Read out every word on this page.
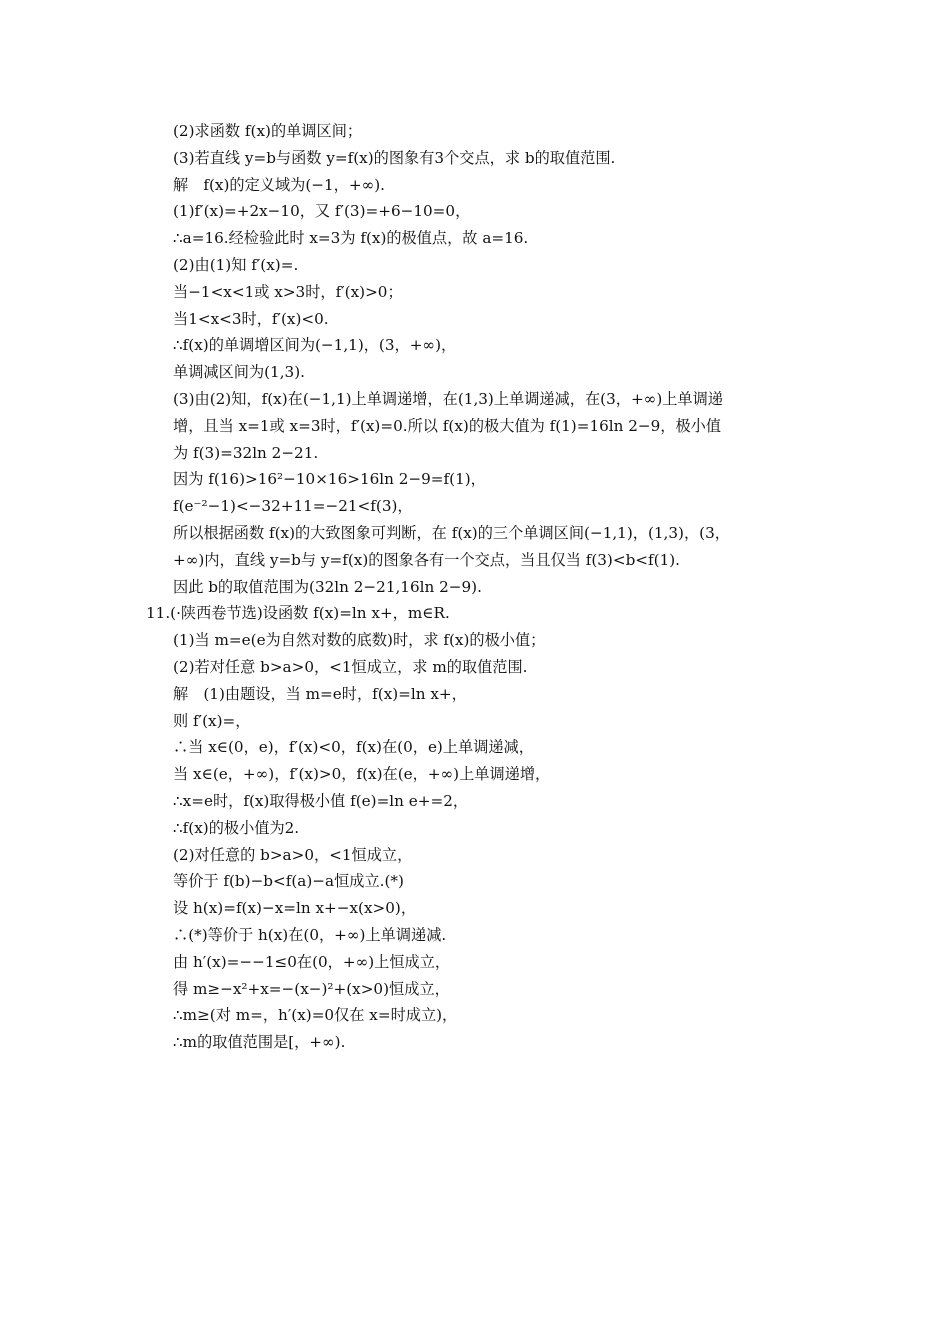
(2)求函数 f(x)的单调区间；
(3)若直线 y=b与函数 y=f(x)的图象有3个交点，求 b的取值范围.
解　f(x)的定义域为(−1，+∞).
(1)f′(x)=+2x−10，又 f′(3)=+6−10=0，
∴a=16.经检验此时 x=3为 f(x)的极值点，故 a=16.
(2)由(1)知 f′(x)=.
当−1<x<1或 x>3时，f′(x)>0；
当1<x<3时，f′(x)<0.
∴f(x)的单调增区间为(−1,1)，(3，+∞)，
单调减区间为(1,3).
(3)由(2)知，f(x)在(−1,1)上单调递增，在(1,3)上单调递减，在(3，+∞)上单调递
增，且当 x=1或 x=3时，f′(x)=0.所以 f(x)的极大值为 f(1)=16ln 2−9，极小值
为 f(3)=32ln 2−21.
因为 f(16)>16²−10×16>16ln 2−9=f(1)，
f(e⁻²−1)<−32+11=−21<f(3)，
所以根据函数 f(x)的大致图象可判断，在 f(x)的三个单调区间(−1,1)，(1,3)，(3，
+∞)内，直线 y=b与 y=f(x)的图象各有一个交点，当且仅当 f(3)<b<f(1).
因此 b的取值范围为(32ln 2−21,16ln 2−9).
11.(·陕西卷节选)设函数 f(x)=ln x+，m∈R.
(1)当 m=e(e为自然对数的底数)时，求 f(x)的极小值；
(2)若对任意 b>a>0，<1恒成立，求 m的取值范围.
解　(1)由题设，当 m=e时，f(x)=ln x+，
则 f′(x)=，
∴当 x∈(0，e)，f′(x)<0，f(x)在(0，e)上单调递减，
当 x∈(e，+∞)，f′(x)>0，f(x)在(e，+∞)上单调递增，
∴x=e时，f(x)取得极小值 f(e)=ln e+=2，
∴f(x)的极小值为2.
(2)对任意的 b>a>0，<1恒成立，
等价于 f(b)−b<f(a)−a恒成立.(*)
设 h(x)=f(x)−x=ln x+−x(x>0)，
∴(*)等价于 h(x)在(0，+∞)上单调递减.
由 h′(x)=−−1≤0在(0，+∞)上恒成立，
得 m≥−x²+x=−(x−)²+(x>0)恒成立，
∴m≥(对 m=，h′(x)=0仅在 x=时成立)，
∴m的取值范围是[，+∞).
